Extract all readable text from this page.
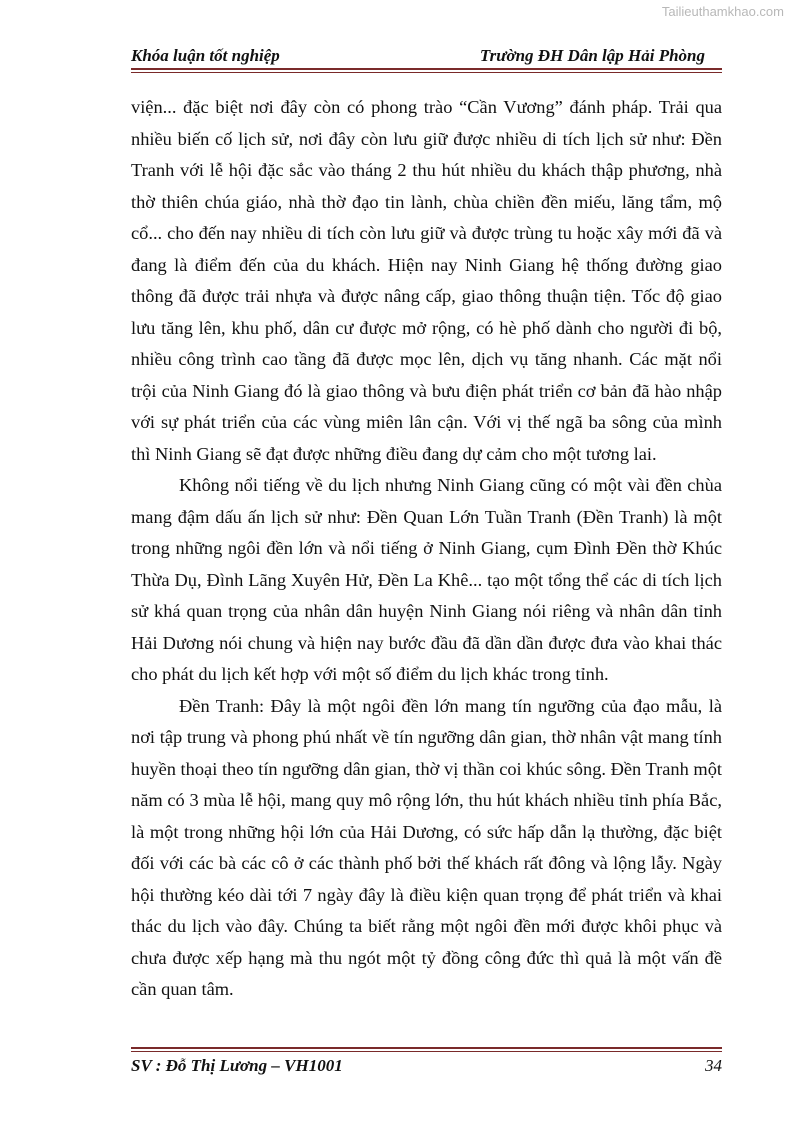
Tailieuthamkhao.com
Khóa luận tốt nghiệp	Trường ĐH Dân lập Hải Phòng

viện... đặc biệt nơi đây còn có phong trào “Cần Vương” đánh pháp. Trải qua nhiều biến cố lịch sử, nơi đây còn lưu giữ được nhiều di tích lịch sử như: Đền Tranh với lễ hội đặc sắc vào tháng 2 thu hút nhiều du khách thập phương, nhà thờ thiên chúa giáo, nhà thờ đạo tin lành, chùa chiền đền miếu, lăng tẩm, mộ cổ... cho đến nay nhiều di tích còn lưu giữ và được trùng tu hoặc xây mới đã và đang là điểm đến của du khách. Hiện nay Ninh Giang hệ thống đường giao thông đã được trải nhựa và được nâng cấp, giao thông thuận tiện. Tốc độ giao lưu tăng lên, khu phố, dân cư được mở rộng, có hè phố dành cho người đi bộ, nhiều công trình cao tầng đã được mọc lên, dịch vụ tăng nhanh. Các mặt nổi trội của Ninh Giang đó là giao thông và bưu điện phát triển cơ bản đã hào nhập với sự phát triển của các vùng miên lân cận. Với vị thế ngã ba sông của mình thì Ninh Giang sẽ đạt được những điều đang dự cảm cho một tương lai.

Không nổi tiếng về du lịch nhưng Ninh Giang cũng có một vài đền chùa mang đậm dấu ấn lịch sử như: Đền Quan Lớn Tuần Tranh (Đền Tranh) là một trong những ngôi đền lớn và nổi tiếng ở Ninh Giang, cụm Đình Đền thờ Khúc Thừa Dụ, Đình Lãng Xuyên Hử, Đền La Khê... tạo một tổng thể các di tích lịch sử khá quan trọng của nhân dân huyện Ninh Giang nói riêng và nhân dân tỉnh Hải Dương nói chung và hiện nay bước đầu đã dần dần được đưa vào khai thác cho phát du lịch kết hợp với một số điểm du lịch khác trong tỉnh.

Đền Tranh: Đây là một ngôi đền lớn mang tín ngưỡng của đạo mẫu, là nơi tập trung và phong phú nhất về tín ngưỡng dân gian, thờ nhân vật mang tính huyền thoại theo tín ngưỡng dân gian, thờ vị thần coi khúc sông. Đền Tranh một năm có 3 mùa lễ hội, mang quy mô rộng lớn, thu hút khách nhiều tỉnh phía Bắc, là một trong những hội lớn của Hải Dương, có sức hấp dẫn lạ thường, đặc biệt đối với các bà các cô ở các thành phố bởi thế khách rất đông và lộng lẫy. Ngày hội thường kéo dài tới 7 ngày đây là điều kiện quan trọng để phát triển và khai thác du lịch vào đây. Chúng ta biết rằng một ngôi đền mới được khôi phục và chưa được xếp hạng mà thu ngót một tỷ đồng công đức thì quả là một vấn đề cần quan tâm.

SV : Đỗ Thị Lương – VH1001	34
